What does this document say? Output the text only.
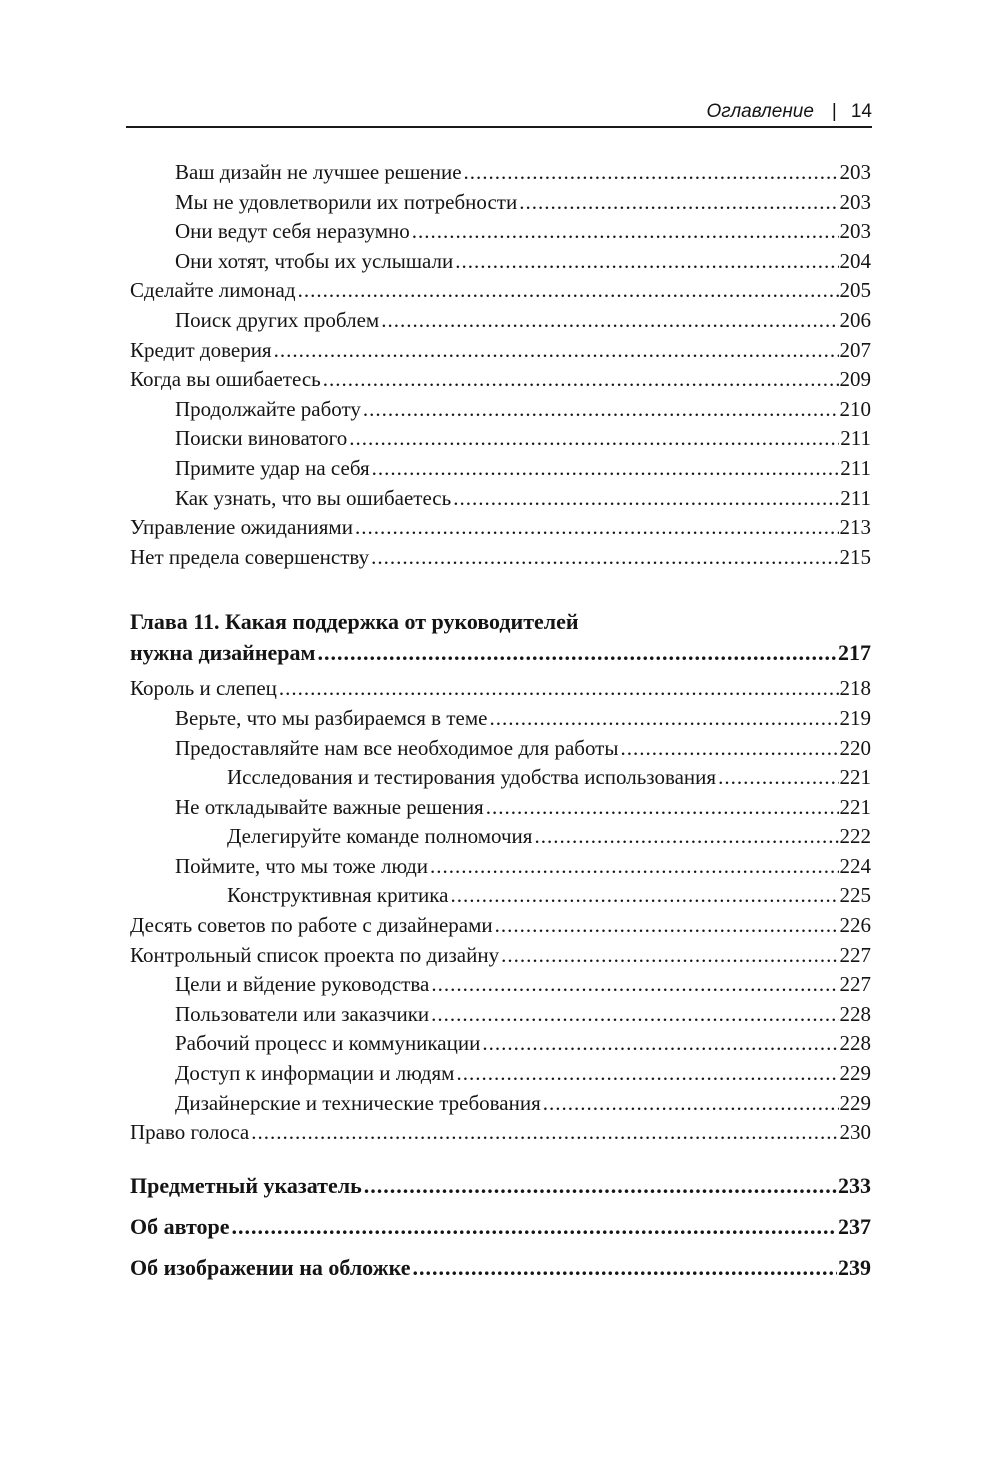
Оглавление | 14
Ваш дизайн не лучшее решение .....	203
Мы не удовлетворили их потребности .....	203
Они ведут себя неразумно .....	203
Они хотят, чтобы их услышали .....	204
Сделайте лимонад .....	205
Поиск других проблем .....	206
Кредит доверия .....	207
Когда вы ошибаетесь .....	209
Продолжайте работу .....	210
Поиски виноватого .....	211
Примите удар на себя .....	211
Как узнать, что вы ошибаетесь .....	211
Управление ожиданиями .....	213
Нет предела совершенству .....	215
Глава 11. Какая поддержка от руководителей
нужна дизайнерам .....	217
Король и слепец .....	218
Верьте, что мы разбираемся в теме .....	219
Предоставляйте нам все необходимое для работы .....	220
Исследования и тестирования удобства использования .....	221
Не откладывайте важные решения .....	221
Делегируйте команде полномочия .....	222
Поймите, что мы тоже люди .....	224
Конструктивная критика .....	225
Десять советов по работе с дизайнерами .....	226
Контрольный список проекта по дизайну .....	227
Цели и вйдение руководства .....	227
Пользователи или заказчики .....	228
Рабочий процесс и коммуникации .....	228
Доступ к информации и людям .....	229
Дизайнерские и технические требования .....	229
Право голоса .....	230
Предметный указатель .....	233
Об авторе .....	237
Об изображении на обложке .....	239
